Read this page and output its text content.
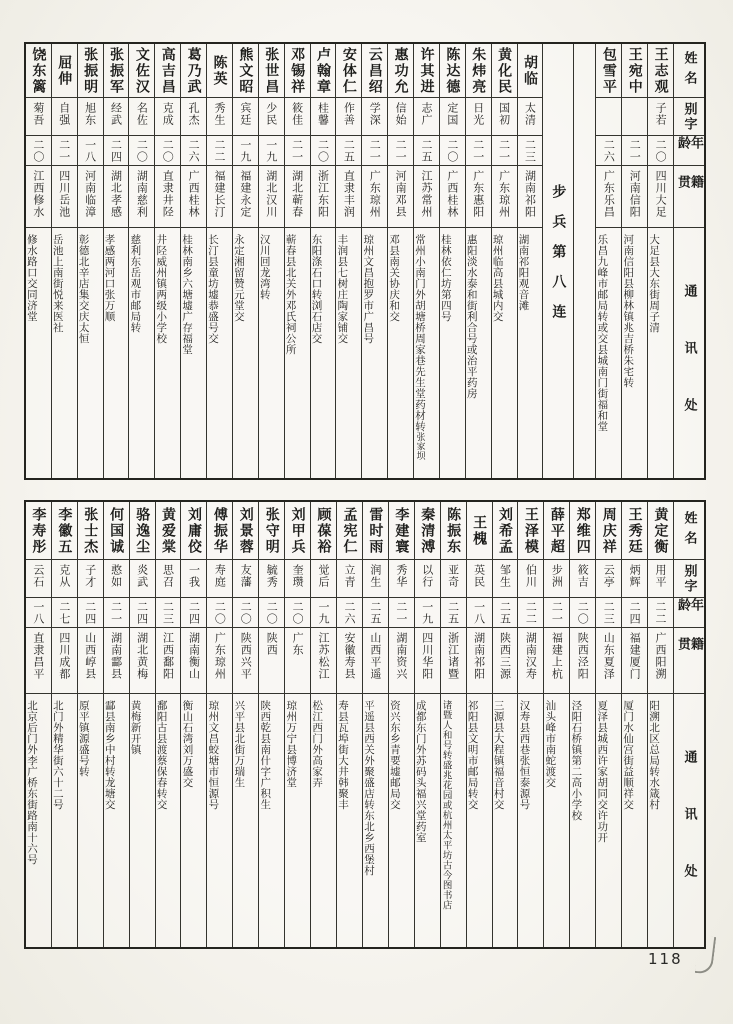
姓名
别字
年龄
籍贯
通讯处
王志观
子若
二〇
四川大足
大足县大东街周子清
王宛中
二一
河南信阳
河南信阳县柳林镇兆吉桥朱宅转
包雪平
二六
广东乐昌
乐昌九峰市邮局转或交县城南门街福和堂
步兵第八连
胡临
太清
二三
湖南祁阳
湖南祁阳观音滩
黄化民
国初
二一
广东琼州
琼州临高县城内交
朱炜亮
日光
二一
广东惠阳
惠阳淡水泰和街利合号或治平药房
陈达德
定国
二〇
广西桂林
桂林依仁坊第四号
许其进
志广
二五
江苏常州
常州小南门外胡塘桥周家巷先生堂药材转
张家坝
惠功允
信始
二一
河南邓县
邓县南关协庆和交
云昌绍
学深
二一
广东琼州
琼州文昌抱罗市广昌号
安体仁
作善
二五
直隶丰润
丰润县七树庄陶家铺交
卢翰章
桂馨
二〇
浙江东阳
东阳涤石口转浏石店交
邓锡祥
筱佳
二一
湖北蕲春
蕲春县北关外邓氏祠公所
张世昌
少民
一九
湖北汉川
汉川回龙湾转
熊文昭
宾廷
一九
福建永定
永定湘留赞元堂交
陈英
秀生
二二
福建长汀
长汀县童坊墟恭盛号交
葛乃武
孔杰
二六
广西桂林
桂林南乡六塘墟广存福堂
高吉昌
克成
二〇
直隶井陉
井陉威州镇两级小学校
文佐汉
名佐
二〇
湖南慈利
慈利东岳观市邮局转
张振军
经武
二四
湖北孝感
孝感两河口张万顺
张振明
旭东
一八
河南临漳
彰德北辛店集交庆太恒
屈伸
自强
二一
四川岳池
岳池上南街悦来医社
饶东篱
菊吾
二〇
江西修水
修水路口交同济堂
姓名
别字
年龄
籍贯
通讯处
黄定衡
用平
二二
广西阳溯
阳溯北区总局转水箴村
王秀廷
炳辉
二四
福建厦门
厦门水仙宫街益顺祥交
周庆祥
云亭
二三
山东夏泽
夏泽县城西许家胡同交许功开
郑维四
筱吉
二〇
陕西泾阳
泾阳石桥镇第二高小学校
薛平超
步洲
二一
福建上杭
汕头峰市南蛇渡交
王泽模
伯川
二二
湖南汉寿
汉寿县西巷张恒泰源号
刘希孟
邹生
二五
陕西三源
三源县大程镇福音村交
王槐
英民
一八
湖南祁阳
祁阳县文明市邮局转交
陈振东
亚奇
二五
浙江诸暨
诸暨人和号转盛兆花园或
杭州太平坊古今图书店
秦清溥
以行
一九
四川华阳
成都东门外苏码头福兴堂药室
李建寰
秀华
二一
湖南资兴
资兴东乡青要墟邮局交
雷时雨
润生
二五
山西平遥
平遥县西关外聚盛店转东北乡西堡村
孟宪仁
立青
二六
安徽寿县
寿县瓦埠街大井韩聚丰
顾葆裕
觉后
一九
江苏松江
松江西门外高家弄
刘甲兵
奎瓒
二〇
广东
琼州万宁县博济堂
张守明
毓秀
二〇
陕西
陕西乾县南什字广积生
刘景蓉
友藩
二〇
陕西兴平
兴平县北街万瑞生
傅振华
寿庭
二〇
广东琼州
琼州文昌蛟塘市恒源号
刘庸佼
一我
二四
湖南衡山
衡山石湾刘万盛交
黄爱棠
思召
二三
江西鄱阳
鄱阳古县渡蔡保春转交
骆逸尘
炎武
二四
湖北黄梅
黄梅新开镇
何国诚
憨如
二一
湖南酃县
酃县南乡中村转龙塘交
张士杰
子才
二四
山西崞县
原平镇源盛号转
李徽五
克从
二七
四川成都
北门外精华街六十二号
李寿彤
云石
一八
直隶昌平
北京后门外李广桥东街路南十六号
118
